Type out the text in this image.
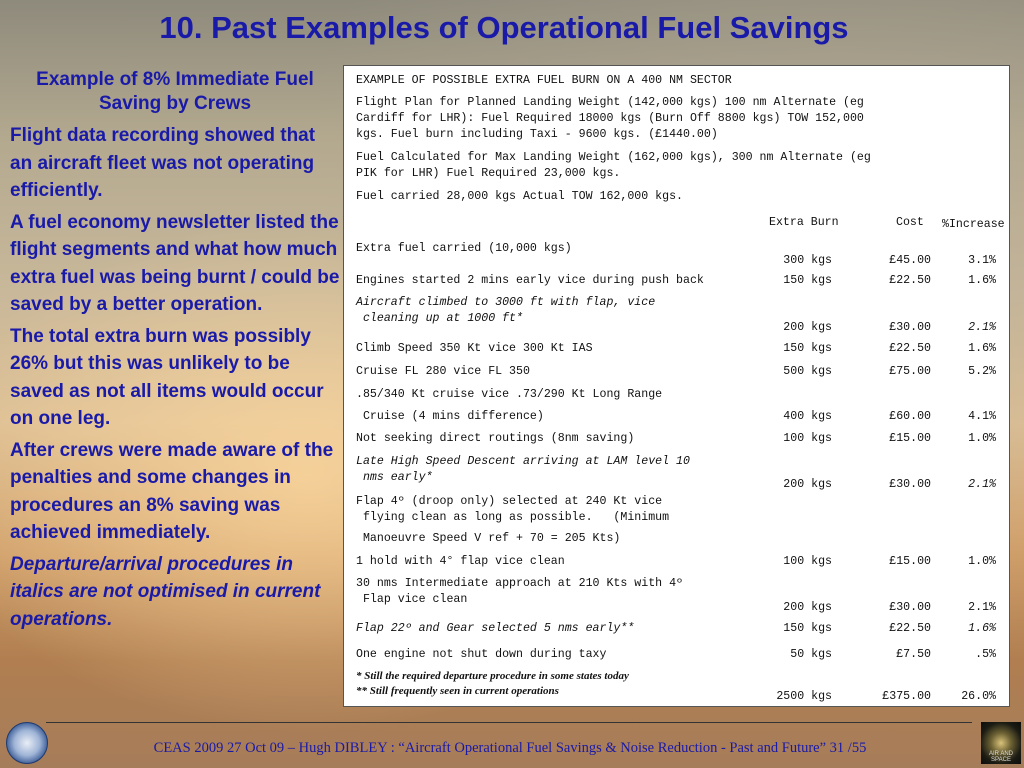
10. Past Examples of Operational Fuel Savings
Example of 8% Immediate Fuel Saving by Crews
Flight data recording showed that an aircraft fleet was not operating efficiently.
A fuel economy newsletter listed the flight segments and what how much extra fuel was being burnt / could be saved by a better operation.
The total extra burn was possibly 26% but this was unlikely to be saved as not all items would occur on one leg.
After crews were made aware of the penalties and some changes in procedures an 8% saving was achieved immediately.
Departure/arrival procedures in italics are not optimised in current operations.
EXAMPLE OF POSSIBLE EXTRA FUEL BURN ON A 400 NM SECTOR
Flight Plan for Planned Landing Weight (142,000 kgs) 100 nm Alternate (eg
Cardiff for LHR): Fuel Required 18000 kgs (Burn Off 8800 kgs) TOW 152,000
kgs. Fuel burn including Taxi - 9600 kgs. (£1440.00)
Fuel Calculated for Max Landing Weight (162,000 kgs), 300 nm Alternate (eg
PIK for LHR) Fuel Required 23,000 kgs.
Fuel carried 28,000 kgs Actual TOW 162,000 kgs.
Extra Burn	Cost %Increase
Extra fuel carried (10,000 kgs)
300 kgs	£45.00	3.1%
Engines started 2 mins early vice during push back	150 kgs	£22.50	1.6%
Aircraft climbed to 3000 ft with flap, vice
cleaning up at 1000 ft*
200 kgs	£30.00	2.1%
Climb Speed 350 Kt vice 300 Kt IAS	150 kgs	£22.50	1.6%
Cruise FL 280 vice FL 350	500 kgs	£75.00	5.2%
.85/340 Kt cruise vice .73/290 Kt Long Range
Cruise (4 mins difference)	400 kgs	£60.00	4.1%
Not seeking direct routings (8nm saving)	100 kgs	£15.00	1.0%
Late High Speed Descent arriving at LAM level 10
nms early*
200 kgs	£30.00	2.1%
Flap 4º (droop only) selected at 240 Kt vice
flying clean as long as possible.   (Minimum
Manoeuvre Speed V ref + 70 = 205 Kts)
1 hold with 4° flap vice clean	100 kgs	£15.00	1.0%
30 nms Intermediate approach at 210 Kts with 4º
Flap vice clean
200 kgs	£30.00	2.1%
Flap 22º and Gear selected 5 nms early**	150 kgs	£22.50	1.6%
One engine not shut down during taxy	50 kgs	£7.50	.5%
* Still the required departure procedure in some states today
** Still frequently seen in current operations	2500 kgs	£375.00	26.0%
CEAS 2009 27 Oct 09 – Hugh DIBLEY : “Aircraft Operational Fuel Savings & Noise Reduction - Past and Future” 31 /55	AIR AND SPACE
